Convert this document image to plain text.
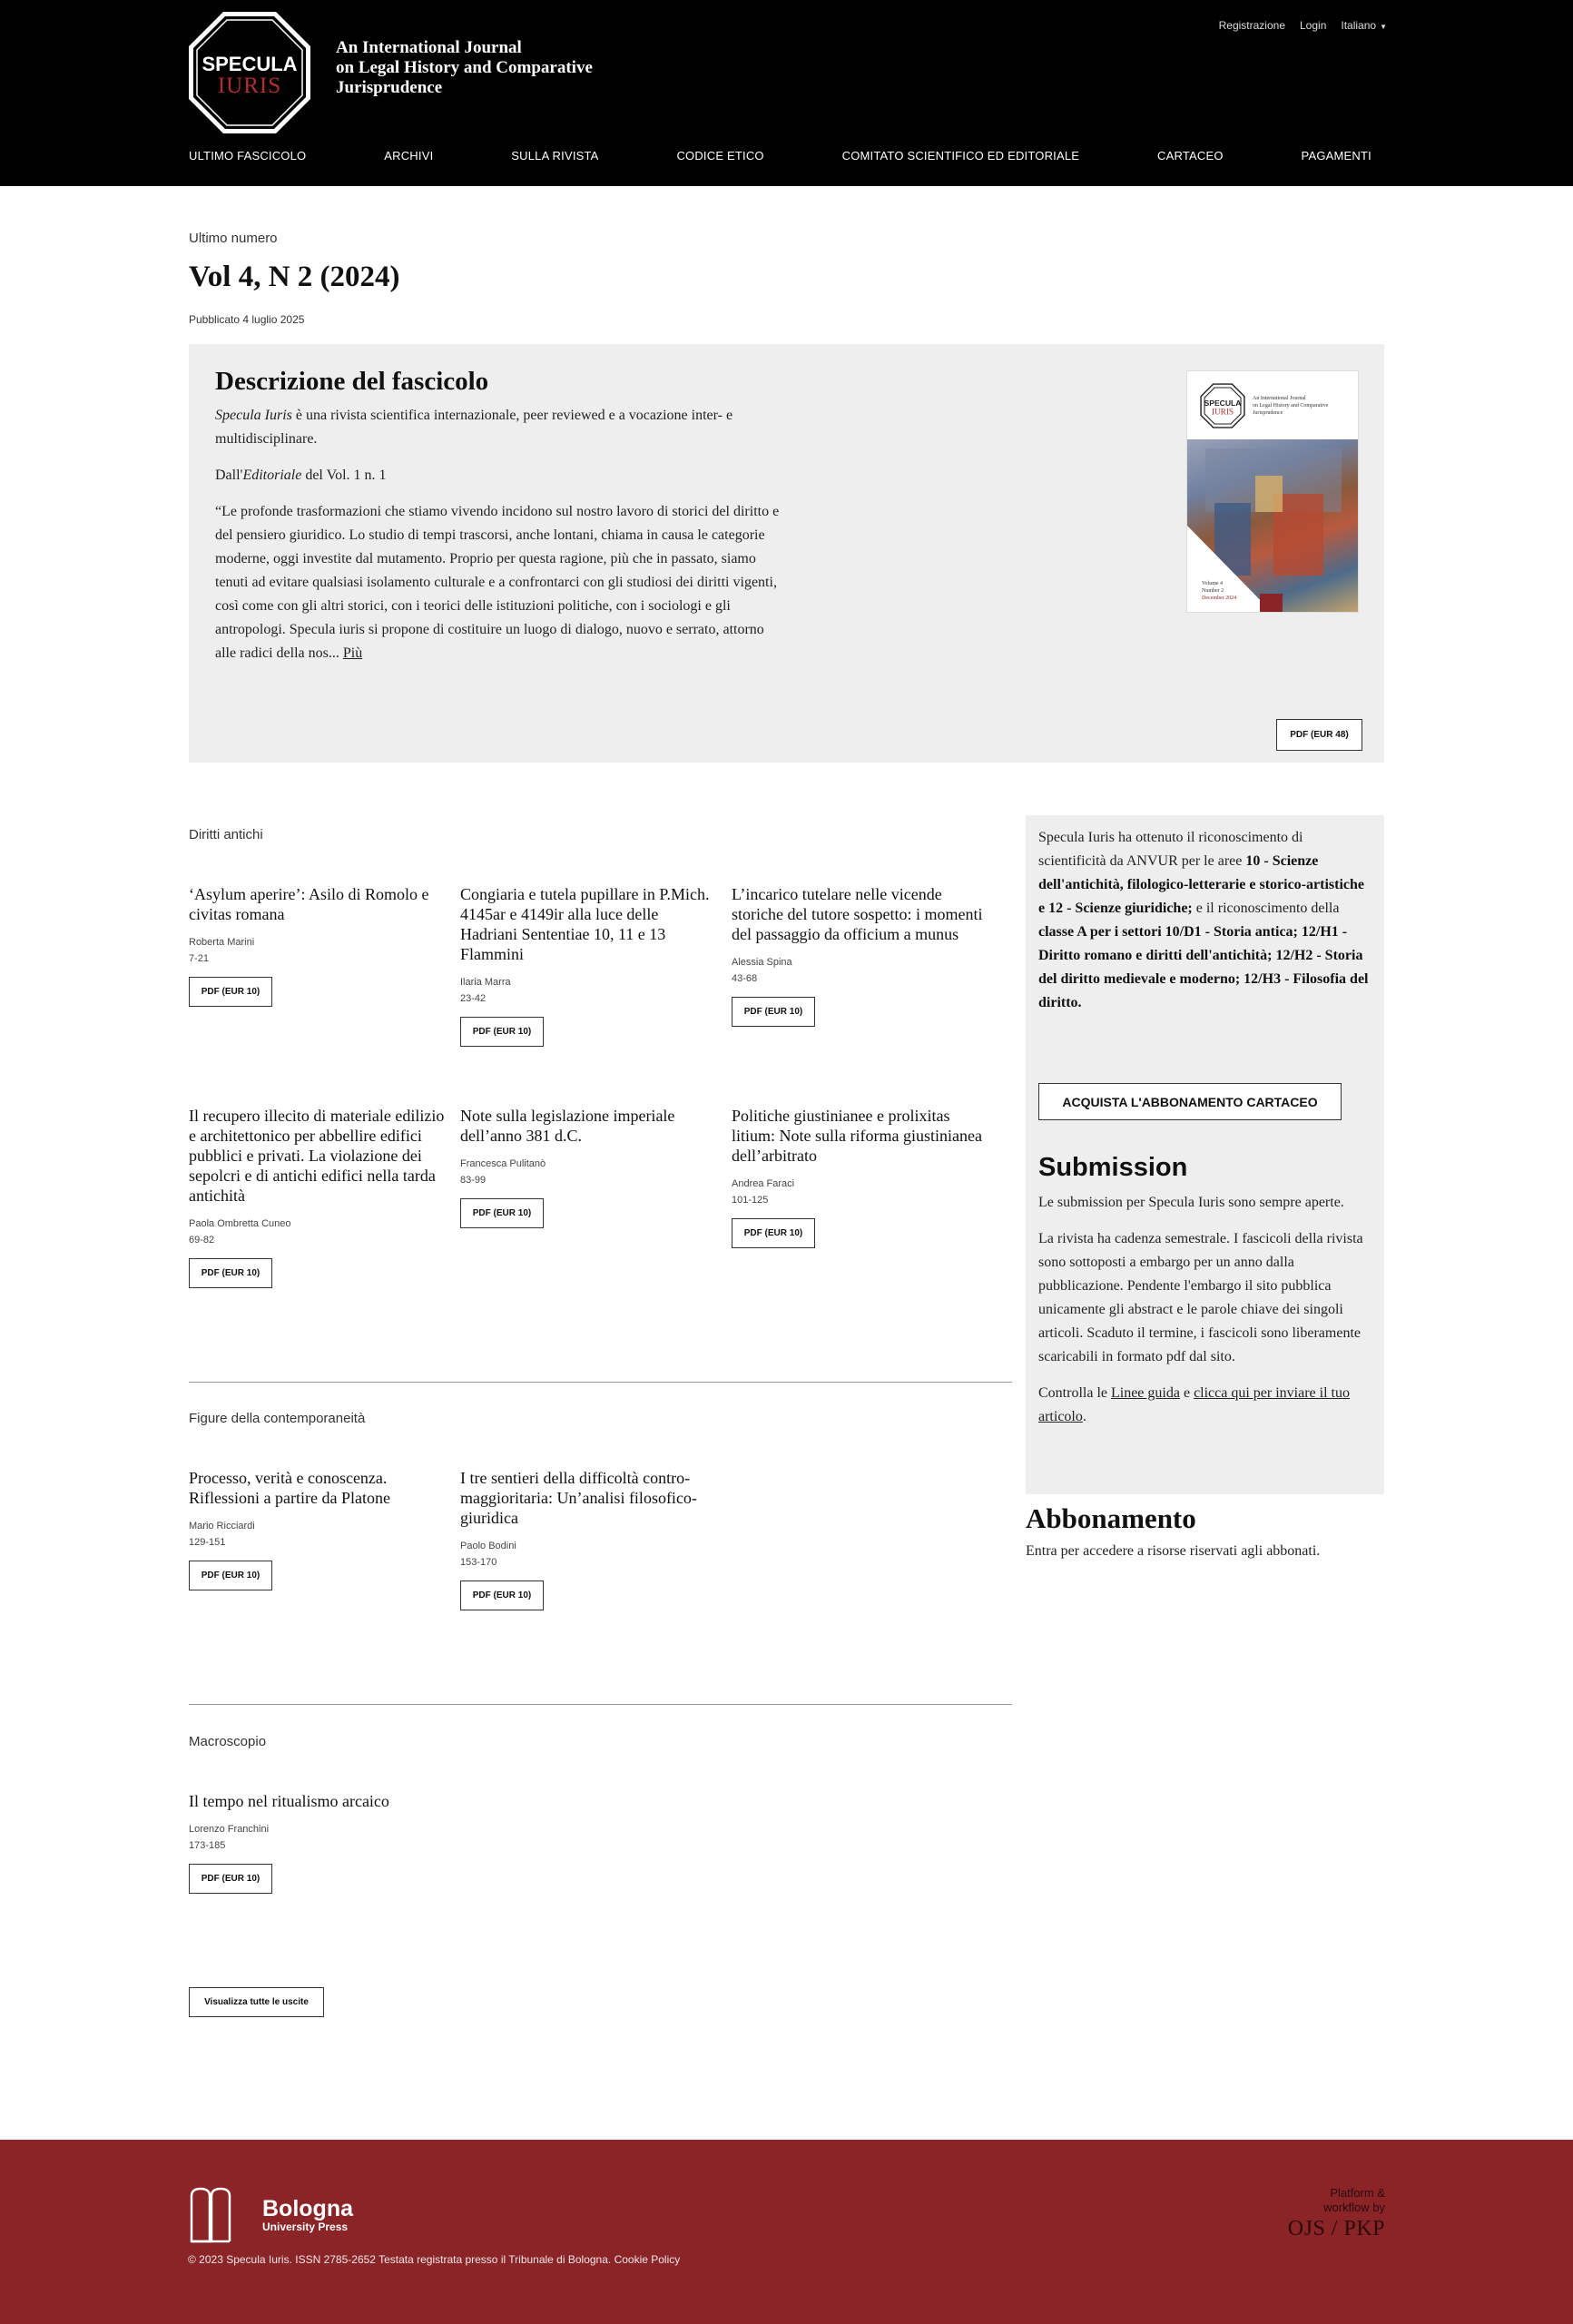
SPECULA
IURIS
An International Journal
on Legal History and Comparative
Jurisprudence
Registrazione Login Italiano ▼
ULTIMO FASCICOLO	ARCHIVI	SULLA RIVISTA	CODICE ETICO	COMITATO SCIENTIFICO ED EDITORIALE	CARTACEO	PAGAMENTI
Ultimo numero
Vol 4, N 2 (2024)
Pubblicato 4 luglio 2025
Descrizione del fascicolo

Specula Iuris è una rivista scientifica internazionale, peer reviewed e a vocazione inter- e multidisciplinare.

Dall'Editoriale del Vol. 1 n. 1

“Le profonde trasformazioni che stiamo vivendo incidono sul nostro lavoro di storici del diritto e del pensiero giuridico. Lo studio di tempi trascorsi, anche lontani, chiama in causa le categorie moderne, oggi investite dal mutamento. Proprio per questa ragione, più che in passato, siamo tenuti ad evitare qualsiasi isolamento culturale e a confrontarci con gli studiosi dei diritti vigenti, così come con gli altri storici, con i teorici delle istituzioni politiche, con i sociologi e gli antropologi. Specula iuris si propone di costituire un luogo di dialogo, nuovo e serrato, attorno alle radici della nos... Più

SPECULA
IURIS
An International Journal
on Legal History and Comparative
Jurisprudence
Volume 4
Number 2
December 2024
PDF (EUR 48)
Diritti antichi
‘Asylum aperire’: Asilo di Romolo e civitas romana
Roberta Marini
7-21
PDF (EUR 10)
Congiaria e tutela pupillare in P.Mich. 4145ar e 4149ir alla luce delle Hadriani Sententiae 10, 11 e 13 Flammini
Ilaria Marra
23-42
PDF (EUR 10)
L’incarico tutelare nelle vicende storiche del tutore sospetto: i momenti del passaggio da officium a munus
Alessia Spina
43-68
PDF (EUR 10)
Il recupero illecito di materiale edilizio e architettonico per abbellire edifici pubblici e privati. La violazione dei sepolcri e di antichi edifici nella tarda antichità
Paola Ombretta Cuneo
69-82
PDF (EUR 10)
Note sulla legislazione imperiale dell’anno 381 d.C.
Francesca Pulitanò
83-99
PDF (EUR 10)
Politiche giustinianee e prolixitas litium: Note sulla riforma giustinianea dell’arbitrato
Andrea Faraci
101-125
PDF (EUR 10)
Figure della contemporaneità
Processo, verità e conoscenza. Riflessioni a partire da Platone
Mario Ricciardi
129-151
PDF (EUR 10)
I tre sentieri della difficoltà contro-maggioritaria: Un’analisi filosofico-giuridica
Paolo Bodini
153-170
PDF (EUR 10)
Macroscopio
Il tempo nel ritualismo arcaico
Lorenzo Franchini
173-185
PDF (EUR 10)
Visualizza tutte le uscite
Specula Iuris ha ottenuto il riconoscimento di scientificità da ANVUR per le aree 10 - Scienze dell'antichità, filologico-letterarie e storico-artistiche e 12 - Scienze giuridiche; e il riconoscimento della classe A per i settori 10/D1 - Storia antica; 12/H1 - Diritto romano e diritti dell'antichità; 12/H2 - Storia del diritto medievale e moderno; 12/H3 - Filosofia del diritto.
ACQUISTA L'ABBONAMENTO CARTACEO
Submission

Le submission per Specula Iuris sono sempre aperte.

La rivista ha cadenza semestrale. I fascicoli della rivista sono sottoposti a embargo per un anno dalla pubblicazione. Pendente l'embargo il sito pubblica unicamente gli abstract e le parole chiave dei singoli articoli. Scaduto il termine, i fascicoli sono liberamente scaricabili in formato pdf dal sito.

Controlla le Linee guida e clicca qui per inviare il tuo articolo.

Abbonamento
Entra per accedere a risorse riservati agli abbonati.
Bologna
University Press
© 2023 Specula Iuris. ISSN 2785-2652 Testata registrata presso il Tribunale di Bologna. Cookie Policy
Platform &
workflow by
OJS / PKP
